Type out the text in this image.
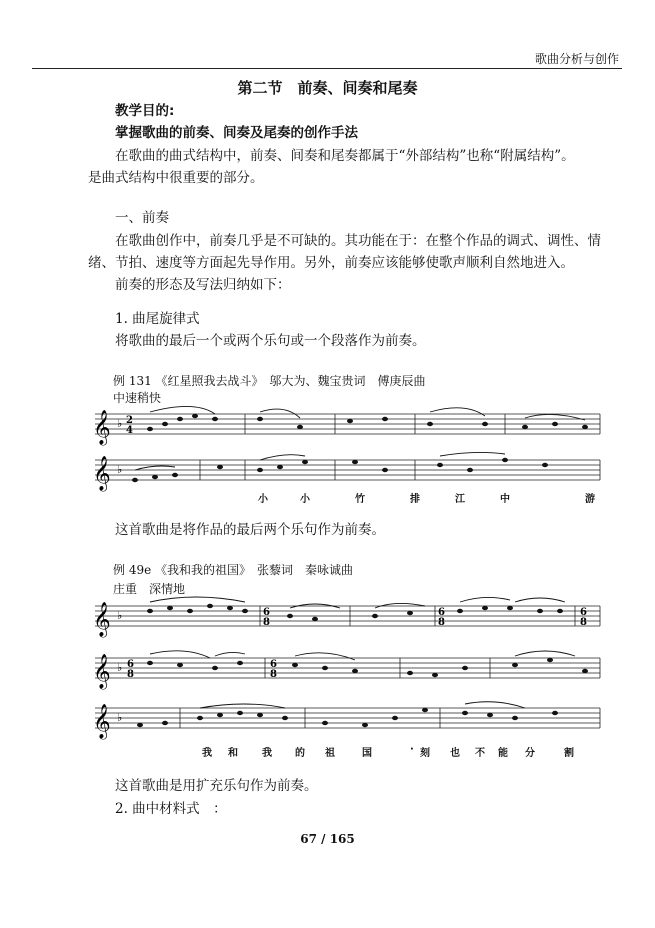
歌曲分析与创作
第二节　前奏、间奏和尾奏
教学目的:
掌握歌曲的前奏、间奏及尾奏的创作手法
在歌曲的曲式结构中，前奏、间奏和尾奏都属于“外部结构”也称“附属结构”。
是曲式结构中很重要的部分。
一、前奏
在歌曲创作中，前奏几乎是不可缺的。其功能在于：在整个作品的调式、调性、情
绪、节拍、速度等方面起先导作用。另外，前奏应该能够使歌声顺利自然地进入。
前奏的形态及写法归纳如下：
1. 曲尾旋律式
将歌曲的最后一个或两个乐句或一个段落作为前奏。
例 131 《红星照我去战斗》　邬大为、魏宝贵词　傅庚辰曲
中速稍快
𝄞 ♭ 2
4
𝄞 ♭
小	小	竹	排	江	中	游
这首歌曲是将作品的最后两个乐句作为前奏。
例 49e 《我和我的祖国》　张藜词　秦咏诚曲
庄重　深情地
𝄞 ♭	6
8
6
8
6
8
𝄞 ♭ 6
8
6
8
𝄞 ♭
我 和 我 的 祖	国	· 刻 也 不 能 分	割
这首歌曲是用扩充乐句作为前奏。
2. 曲中材料式　：
67 / 165
